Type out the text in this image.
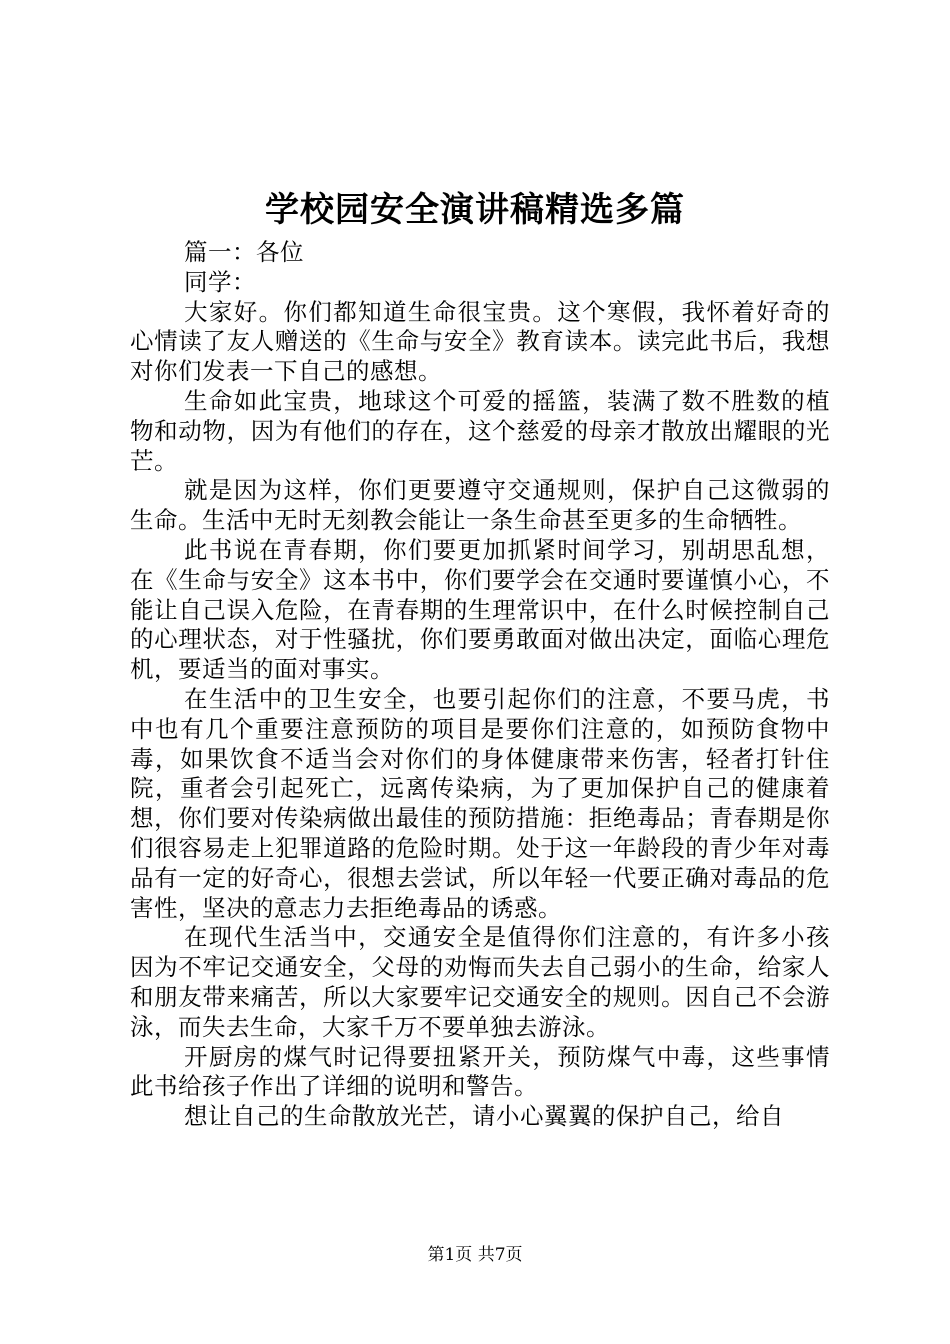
学校园安全演讲稿精选多篇

篇一：各位

同学：

大家好。你们都知道生命很宝贵。这个寒假，我怀着好奇的心情读了友人赠送的《生命与安全》教育读本。读完此书后，我想对你们发表一下自己的感想。

生命如此宝贵，地球这个可爱的摇篮，装满了数不胜数的植物和动物，因为有他们的存在，这个慈爱的母亲才散放出耀眼的光芒。

就是因为这样，你们更要遵守交通规则，保护自己这微弱的生命。生活中无时无刻教会能让一条生命甚至更多的生命牺牲。

此书说在青春期，你们要更加抓紧时间学习，别胡思乱想，在《生命与安全》这本书中，你们要学会在交通时要谨慎小心，不能让自己误入危险，在青春期的生理常识中，在什么时候控制自己的心理状态，对于性骚扰，你们要勇敢面对做出决定，面临心理危机，要适当的面对事实。

在生活中的卫生安全，也要引起你们的注意，不要马虎，书中也有几个重要注意预防的项目是要你们注意的，如预防食物中毒，如果饮食不适当会对你们的身体健康带来伤害，轻者打针住院，重者会引起死亡，远离传染病，为了更加保护自己的健康着想，你们要对传染病做出最佳的预防措施：拒绝毒品；青春期是你们很容易走上犯罪道路的危险时期。处于这一年龄段的青少年对毒品有一定的好奇心，很想去尝试，所以年轻一代要正确对毒品的危害性，坚决的意志力去拒绝毒品的诱惑。

在现代生活当中，交通安全是值得你们注意的，有许多小孩因为不牢记交通安全，父母的劝悔而失去自己弱小的生命，给家人和朋友带来痛苦，所以大家要牢记交通安全的规则。因自己不会游泳，而失去生命，大家千万不要单独去游泳。

开厨房的煤气时记得要扭紧开关，预防煤气中毒，这些事情此书给孩子作出了详细的说明和警告。

想让自己的生命散放光芒，请小心翼翼的保护自己，给自

第1页 共7页
